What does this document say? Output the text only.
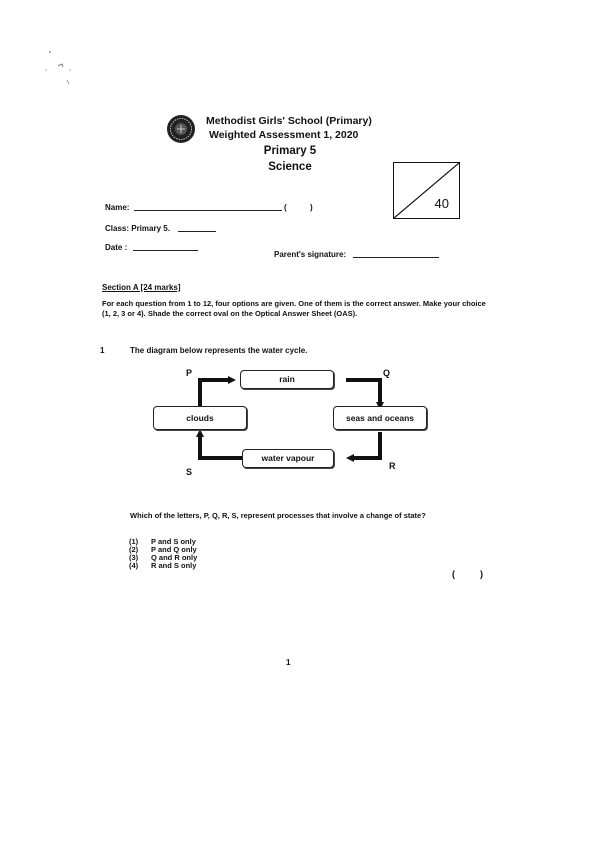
Methodist Girls' School (Primary)
Weighted Assessment 1, 2020
Primary 5
Science
40
Name:	(	)
Class: Primary 5.
Date :
Parent's signature:
Section A [24 marks]
For each question from 1 to 12, four options are given. One of them is the correct answer. Make your choice (1, 2, 3 or 4). Shade the correct oval on the Optical Answer Sheet (OAS).
1	The diagram below represents the water cycle.
rain
clouds	seas and oceans
water vapour
P	Q
R
S
Which of the letters, P, Q, R, S, represent processes that involve a change of state?
(1) P and S only
(2) P and Q only
(3) Q and R only
(4) R and S only
(	)
1
